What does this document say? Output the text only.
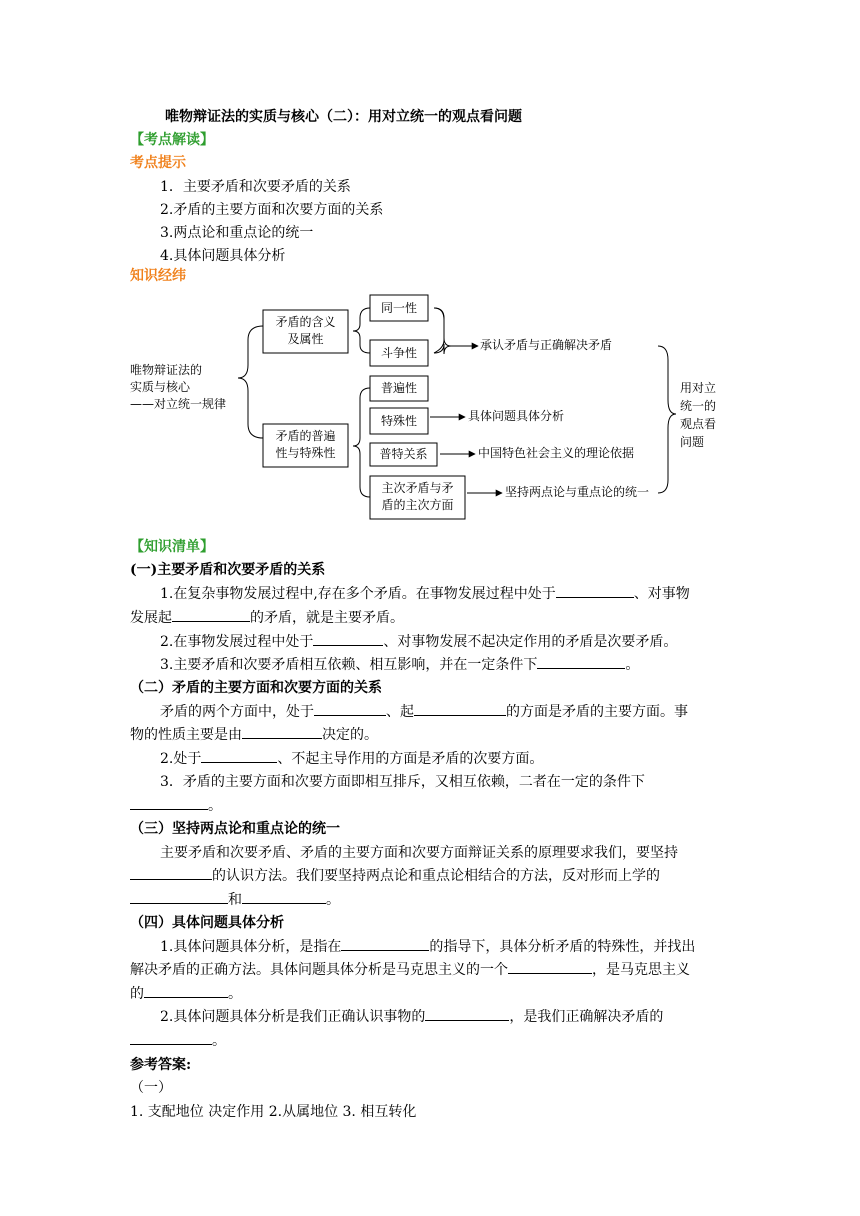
唯物辩证法的实质与核心（二）：用对立统一的观点看问题
【考点解读】
考点提示
1．主要矛盾和次要矛盾的关系
2.矛盾的主要方面和次要方面的关系
3.两点论和重点论的统一
4.具体问题具体分析
知识经纬
唯物辩证法的
实质与核心
——对立统一规律
矛盾的含义
及属性
矛盾的普遍
性与特殊性
同一性
斗争性
普遍性
特殊性
普特关系
主次矛盾与矛
盾的主次方面
承认矛盾与正确解决矛盾
具体问题具体分析
中国特色社会主义的理论依据
坚持两点论与重点论的统一
用对立
统一的
观点看
问题
【知识清单】
(一)主要矛盾和次要矛盾的关系
1.在复杂事物发展过程中,存在多个矛盾。在事物发展过程中处于	、对事物
发展起	的矛盾，就是主要矛盾。
2.在事物发展过程中处于	、对事物发展不起决定作用的矛盾是次要矛盾。
3.主要矛盾和次要矛盾相互依赖、相互影响，并在一定条件下	。
（二）矛盾的主要方面和次要方面的关系
矛盾的两个方面中，处于	、起	的方面是矛盾的主要方面。事
物的性质主要是由	决定的。
2.处于	、不起主导作用的方面是矛盾的次要方面。
3．矛盾的主要方面和次要方面即相互排斥，又相互依赖，二者在一定的条件下
。
（三）坚持两点论和重点论的统一
主要矛盾和次要矛盾、矛盾的主要方面和次要方面辩证关系的原理要求我们，要坚持
的认识方法。我们要坚持两点论和重点论相结合的方法，反对形而上学的
和	。
（四）具体问题具体分析
1.具体问题具体分析，是指在	的指导下，具体分析矛盾的特殊性，并找出
解决矛盾的正确方法。具体问题具体分析是马克思主义的一个	，是马克思主义
的	。
2.具体问题具体分析是我们正确认识事物的	，是我们正确解决矛盾的
。
参考答案:
（一）
1. 支配地位 决定作用 2.从属地位 3. 相互转化
